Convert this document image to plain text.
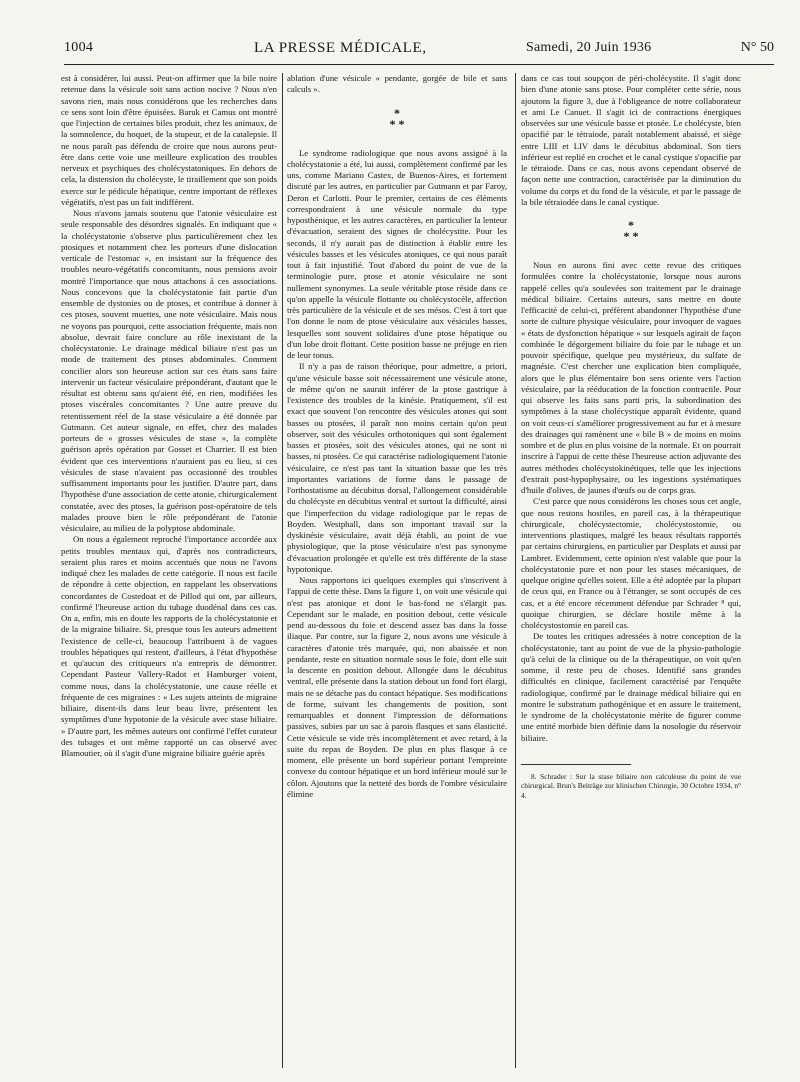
1004	LA PRESSE MÉDICALE,	Samedi, 20 Juin 1936	N° 50

est à considérer, lui aussi. Peut-on affirmer que la bile noire retenue dans la vésicule soit sans action nocive ? Nous n'en savons rien, mais nous considérons que les recherches dans ce sens sont loin d'être épuisées. Baruk et Camus ont montré que l'injection de certaines biles produit, chez les animaux, de la somnolence, du hoquet, de la stupeur, et de la catalepsie. Il ne nous paraît pas défendu de croire que nous aurons peut-être dans cette voie une meilleure explication des troubles nerveux et psychiques des cholécystatoniques. En dehors de cela, la distension du cholécyste, le tiraillement que son poids exerce sur le pédicule hépatique, centre important de réflexes végétatifs, n'est pas un fait indifférent.

Nous n'avons jamais soutenu que l'atonie vésiculaire est seule responsable des désordres signalés. En indiquant que « la cholécystatonie s'observe plus particulièrement chez les ptosiques et notamment chez les porteurs d'une dislocation verticale de l'estomac », en insistant sur la fréquence des troubles neuro-végétatifs concomitants, nous pensions avoir montré l'importance que nous attachons à ces associations. Nous concevons que la cholécystatonie fait partie d'un ensemble de dystonies ou de ptoses, et contribue à donner à ces ptoses, souvent muettes, une note vésiculaire. Mais nous ne voyons pas pourquoi, cette association fréquente, mais non absolue, devrait faire conclure au rôle inexistant de la cholécystatonie. Le drainage médical biliaire n'est pas un mode de traitement des ptoses abdominales. Comment concilier alors son heureuse action sur ces états sans faire intervenir un facteur vésiculaire prépondérant, d'autant que le résultat est obtenu sans qu'aient été, en rien, modifiées les ptoses viscérales concomitantes ? Une autre preuve du retentissement réel de la stase vésiculaire a été donnée par Gutmann. Cet auteur signale, en effet, chez des malades porteurs de « grosses vésicules de stase », la complète guérison après opération par Gosset et Charrier. Il est bien évident que ces interventions n'auraient pas eu lieu, si ces vésicules de stase n'avaient pas occasionné des troubles suffisamment importants pour les justifier. D'autre part, dans l'hypothèse d'une association de cette atonie, chirurgicalement constatée, avec des ptoses, la guérison post-opératoire de tels malades prouve bien le rôle prépondérant de l'atonie vésiculaire, au milieu de la polyptose abdominale.

On nous a également reproché l'importance accordée aux petits troubles mentaux qui, d'après nos contradicteurs, seraient plus rares et moins accentués que nous ne l'avons indiqué chez les malades de cette catégorie. Il nous est facile de répondre à cette objection, en rappelant les observations concordantes de Costedoat et de Pillod qui ont, par ailleurs, confirmé l'heureuse action du tubage duodénal dans ces cas. On a, enfin, mis en doute les rapports de la cholécystatonie et de la migraine biliaire. Si, presque tous les auteurs admettent l'existence de celle-ci, beaucoup l'attribuent à de vagues troubles hépatiques qui restent, d'ailleurs, à l'état d'hypothèse et qu'aucun des critiqueurs n'a entrepris de démontrer. Cependant Pasteur Vallery-Radot et Hamburger voient, comme nous, dans la cholécystatonie, une cause réelle et fréquente de ces migraines : « Les sujets atteints de migraine biliaire, disent-ils dans leur beau livre, présentent les symptômes d'une hypotonie de la vésicule avec stase biliaire. » D'autre part, les mêmes auteurs ont confirmé l'effet curateur des tubages et ont même rapporté un cas observé avec Blamoutier, où il s'agit d'une migraine biliaire guérie après

ablation d'une vésicule « pendante, gorgée de bile et sans calculs ».

*
* *

Le syndrome radiologique que nous avons assigné à la cholécystatonie a été, lui aussi, complètement confirmé par les uns, comme Mariano Castex, de Buenos-Aires, et fortement discuté par les autres, en particulier par Gutmann et par Faroy, Deron et Carlotti. Pour le premier, certains de ces éléments correspondraient à une vésicule normale du type hyposthénique, et les autres caractères, en particulier la lenteur d'évacuation, seraient des signes de cholécystite. Pour les seconds, il n'y aurait pas de distinction à établir entre les vésicules basses et les vésicules atoniques, ce qui nous paraît tout à fait injustifié. Tout d'abord du point de vue de la terminologie pure, ptose et atonie vésiculaire ne sont nullement synonymes. La seule véritable ptose réside dans ce qu'on appelle la vésicule flottante ou cholécystocèle, affection très particulière de la vésicule et de ses mésos. C'est à tort que l'on donne le nom de ptose vésiculaire aux vésicules basses, lesquelles sont souvent solidaires d'une ptose hépatique ou d'un lobe droit flottant. Cette position basse ne préjuge en rien de leur tonus.

Il n'y a pas de raison théorique, pour admettre, a priori, qu'une vésicule basse soit nécessairement une vésicule atone, de même qu'on ne saurait inférer de la ptose gastrique à l'existence des troubles de la kinésie. Pratiquement, s'il est exact que souvent l'on rencontre des vésicules atones qui sont basses ou ptosées, il paraît non moins certain qu'on peut observer, soit des vésicules orthotoniques qui sont également basses et ptosées, soit des vésicules atones, qui ne sont ni basses, ni ptosées. Ce qui caractérise radiologiquement l'atonie vésiculaire, ce n'est pas tant la situation basse que les très importantes variations de forme dans le passage de l'orthostatisme au décubitus dorsal, l'allongement considérable du cholécyste en décubitus ventral et surtout la difficulté, ainsi que l'imperfection du vidage radiologique par le repas de Boyden. Westphall, dans son important travail sur la dyskinésie vésiculaire, avait déjà établi, au point de vue physiologique, que la ptose vésiculaire n'est pas synonyme d'évacuation prolongée et qu'elle est très différente de la stase hypotonique.

Nous rapportons ici quelques exemples qui s'inscrivent à l'appui de cette thèse. Dans la figure 1, on voit une vésicule qui n'est pas atonique et dont le bas-fond ne s'élargit pas. Cependant sur le malade, en position debout, cette vésicule pend au-dessous du foie et descend assez bas dans la fosse iliaque. Par contre, sur la figure 2, nous avons une vésicule à caractères d'atonie très marquée, qui, non abaissée et non pendante, reste en situation normale sous le foie, dont elle suit la descente en position debout. Allongée dans le décubitus ventral, elle présente dans la station debout un fond fort élargi, mais ne se détache pas du contact hépatique. Ses modifications de forme, suivant les changements de position, sont remarquables et donnent l'impression de déformations passives, subies par un sac à parois flasques et sans élasticité. Cette vésicule se vide très incomplètement et avec retard, à la suite du repas de Boyden. De plus en plus flasque à ce moment, elle présente un bord supérieur portant l'empreinte convexe du contour hépatique et un bord inférieur moulé sur le côlon. Ajoutons que la netteté des bords de l'ombre vésiculaire élimine

dans ce cas tout soupçon de péri-cholécystite. Il s'agit donc bien d'une atonie sans ptose. Pour compléter cette série, nous ajoutons la figure 3, due à l'obligeance de notre collaborateur et ami Le Canuet. Il s'agit ici de contractions énergiques observées sur une vésicule basse et ptosée. Le cholécyste, bien opacifié par le tétraiode, paraît notablement abaissé, et siège entre LIII et LIV dans le décubitus abdominal. Son tiers inférieur est replié en crochet et le canal cystique s'opacifie par le tétraiode. Dans ce cas, nous avons cependant observé de façon nette une contraction, caractérisée par la diminution du volume du corps et du fond de la vésicule, et par le passage de la bile tétraiodée dans le canal cystique.

*
* *

Nous en aurons fini avec cette revue des critiques formulées contre la cholécystatonie, lorsque nous aurons rappelé celles qu'a soulevées son traitement par le drainage médical biliaire. Certains auteurs, sans mettre en doute l'efficacité de celui-ci, préfèrent abandonner l'hypothèse d'une sorte de culture physique vésiculaire, pour invoquer de vagues « états de dysfonction hépatique » sur lesquels agirait de façon combinée le dégorgement biliaire du foie par le tubage et un pouvoir spécifique, quelque peu mystérieux, du sulfate de magnésie. C'est chercher une explication bien compliquée, alors que le plus élémentaire bon sens oriente vers l'action vésiculaire, par la rééducation de la fonction contractile. Pour qui observe les faits sans parti pris, la subordination des symptômes à la stase cholécystique apparaît évidente, quand on voit ceux-ci s'améliorer progressivement au fur et à mesure des drainages qui ramènent une « bile B » de moins en moins sombre et de plus en plus voisine de la normale. Et on pourrait inscrire à l'appui de cette thèse l'heureuse action adjuvante des autres méthodes cholécystokinétiques, telle que les injections d'extrait post-hypophysaire, ou les ingestions systématiques d'huile d'olives, de jaunes d'œufs ou de corps gras.

C'est parce que nous considérons les choses sous cet angle, que nous restons hostiles, en pareil cas, à la thérapeutique chirurgicale, cholécystectomie, cholécystostomie, ou interventions plastiques, malgré les beaux résultats rapportés par certains chirurgiens, en particulier par Desplats et aussi par Lambret. Evidemment, cette opinion n'est valable que pour la cholécystatonie pure et non pour les stases mécaniques, de quelque origine qu'elles soient. Elle a été adoptée par la plupart de ceux qui, en France ou à l'étranger, se sont occupés de ces cas, et a été encore récemment défendue par Schrader ⁸ qui, quoique chirurgien, se déclare hostile même à la cholécystostomie en pareil cas.

De toutes les critiques adressées à notre conception de la cholécystatonie, tant au point de vue de la physio-pathologie qu'à celui de la clinique ou de la thérapeutique, on voit qu'en somme, il reste peu de choses. Identifié sans grandes difficultés en clinique, facilement caractérisé par l'enquête radiologique, confirmé par le drainage médical biliaire qui en montre le substratum pathogénique et en assure le traitement, le syndrome de la cholécystatonie mérite de figurer comme une entité morbide bien définie dans la nosologie du réservoir biliaire.

8. Schrader : Sur la stase biliaire non calculeuse du point de vue chirurgical. Brun's Beiträge zur klinischen Chirurgie, 30 Octobre 1934, n° 4.
